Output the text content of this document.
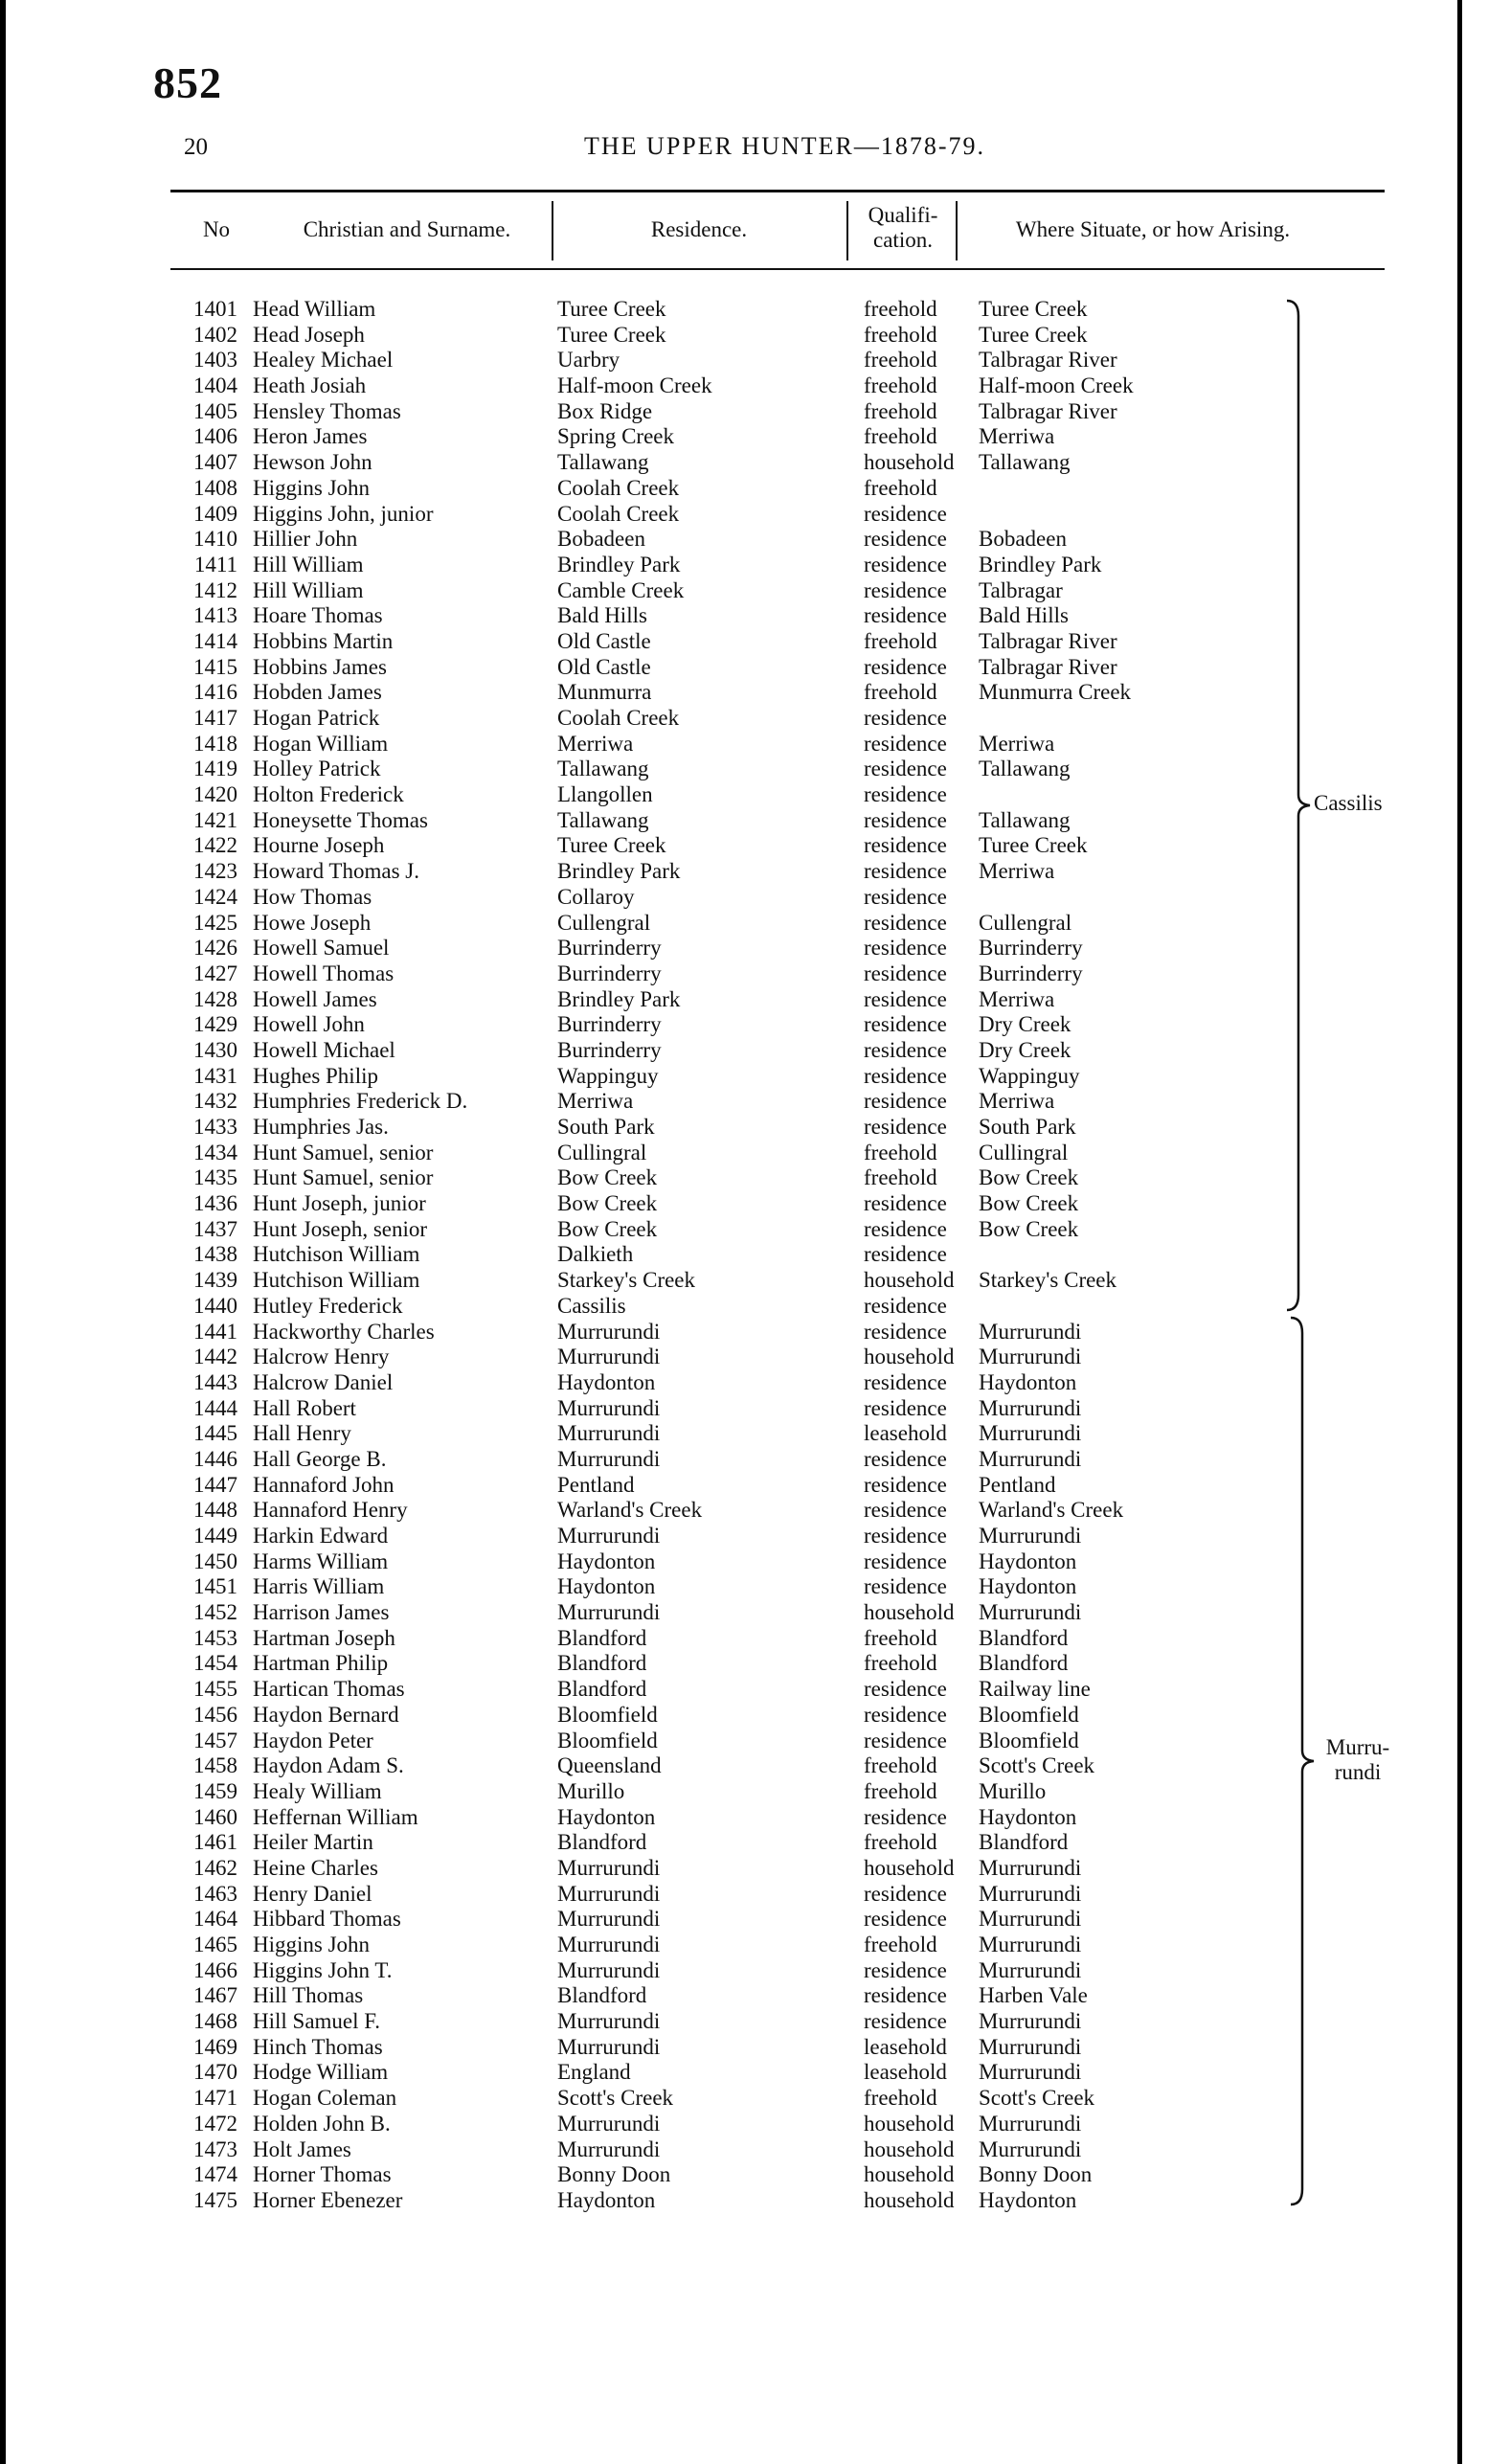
852
20	THE UPPER HUNTER—1878-79.
No	Christian and Surname.	Residence.
Qualifi-
cation.	Where Situate, or how Arising.
1401 Head William	Turee Creek	freehold Turee Creek
1402 Head Joseph	Turee Creek	freehold Turee Creek
1403 Healey Michael	Uarbry	freehold Talbragar River
1404 Heath Josiah	Half-moon Creek	freehold Half-moon Creek
1405 Hensley Thomas	Box Ridge	freehold Talbragar River
1406 Heron James	Spring Creek	freehold Merriwa
1407 Hewson John	Tallawang	household Tallawang
1408 Higgins John	Coolah Creek	freehold
1409 Higgins John, junior	Coolah Creek	residence
1410 Hillier John	Bobadeen	residence Bobadeen
1411 Hill William	Brindley Park	residence Brindley Park
1412 Hill William	Camble Creek	residence Talbragar
1413 Hoare Thomas	Bald Hills	residence Bald Hills
1414 Hobbins Martin	Old Castle	freehold Talbragar River
1415 Hobbins James	Old Castle	residence Talbragar River
1416 Hobden James	Munmurra	freehold Munmurra Creek
1417 Hogan Patrick	Coolah Creek	residence
1418 Hogan William	Merriwa	residence Merriwa
1419 Holley Patrick	Tallawang	residence Tallawang
1420 Holton Frederick	Llangollen	residence
1421 Honeysette Thomas	Tallawang	residence Tallawang
1422 Hourne Joseph	Turee Creek	residence Turee Creek
1423 Howard Thomas J.	Brindley Park	residence Merriwa
1424 How Thomas	Collaroy	residence
1425 Howe Joseph	Cullengral	residence Cullengral
1426 Howell Samuel	Burrinderry	residence Burrinderry
1427 Howell Thomas	Burrinderry	residence Burrinderry
1428 Howell James	Brindley Park	residence Merriwa
1429 Howell John	Burrinderry	residence Dry Creek
1430 Howell Michael	Burrinderry	residence Dry Creek
1431 Hughes Philip	Wappinguy	residence Wappinguy
1432 Humphries Frederick D.	Merriwa	residence Merriwa
1433 Humphries Jas.	South Park	residence South Park
1434 Hunt Samuel, senior	Cullingral	freehold Cullingral
1435 Hunt Samuel, senior	Bow Creek	freehold Bow Creek
1436 Hunt Joseph, junior	Bow Creek	residence Bow Creek
1437 Hunt Joseph, senior	Bow Creek	residence Bow Creek
1438 Hutchison William	Dalkieth	residence
1439 Hutchison William	Starkey's Creek	household Starkey's Creek
1440 Hutley Frederick	Cassilis	residence
1441 Hackworthy Charles	Murrurundi	residence Murrurundi
1442 Halcrow Henry	Murrurundi	household Murrurundi
1443 Halcrow Daniel	Haydonton	residence Haydonton
1444 Hall Robert	Murrurundi	residence Murrurundi
1445 Hall Henry	Murrurundi	leasehold Murrurundi
1446 Hall George B.	Murrurundi	residence Murrurundi
1447 Hannaford John	Pentland	residence Pentland
1448 Hannaford Henry	Warland's Creek	residence Warland's Creek
1449 Harkin Edward	Murrurundi	residence Murrurundi
1450 Harms William	Haydonton	residence Haydonton
1451 Harris William	Haydonton	residence Haydonton
1452 Harrison James	Murrurundi	household Murrurundi
1453 Hartman Joseph	Blandford	freehold Blandford
1454 Hartman Philip	Blandford	freehold Blandford
1455 Hartican Thomas	Blandford	residence Railway line
1456 Haydon Bernard	Bloomfield	residence Bloomfield
1457 Haydon Peter	Bloomfield	residence Bloomfield
1458 Haydon Adam S.	Queensland	freehold Scott's Creek
1459 Healy William	Murillo	freehold Murillo
1460 Heffernan William	Haydonton	residence Haydonton
1461 Heiler Martin	Blandford	freehold Blandford
1462 Heine Charles	Murrurundi	household Murrurundi
1463 Henry Daniel	Murrurundi	residence Murrurundi
1464 Hibbard Thomas	Murrurundi	residence Murrurundi
1465 Higgins John	Murrurundi	freehold Murrurundi
1466 Higgins John T.	Murrurundi	residence Murrurundi
1467 Hill Thomas	Blandford	residence Harben Vale
1468 Hill Samuel F.	Murrurundi	residence Murrurundi
1469 Hinch Thomas	Murrurundi	leasehold Murrurundi
1470 Hodge William	England	leasehold Murrurundi
1471 Hogan Coleman	Scott's Creek	freehold Scott's Creek
1472 Holden John B.	Murrurundi	household Murrurundi
1473 Holt James	Murrurundi	household Murrurundi
1474 Horner Thomas	Bonny Doon	household Bonny Doon
1475 Horner Ebenezer	Haydonton	household Haydonton
Cassilis
Murru-
rundi
